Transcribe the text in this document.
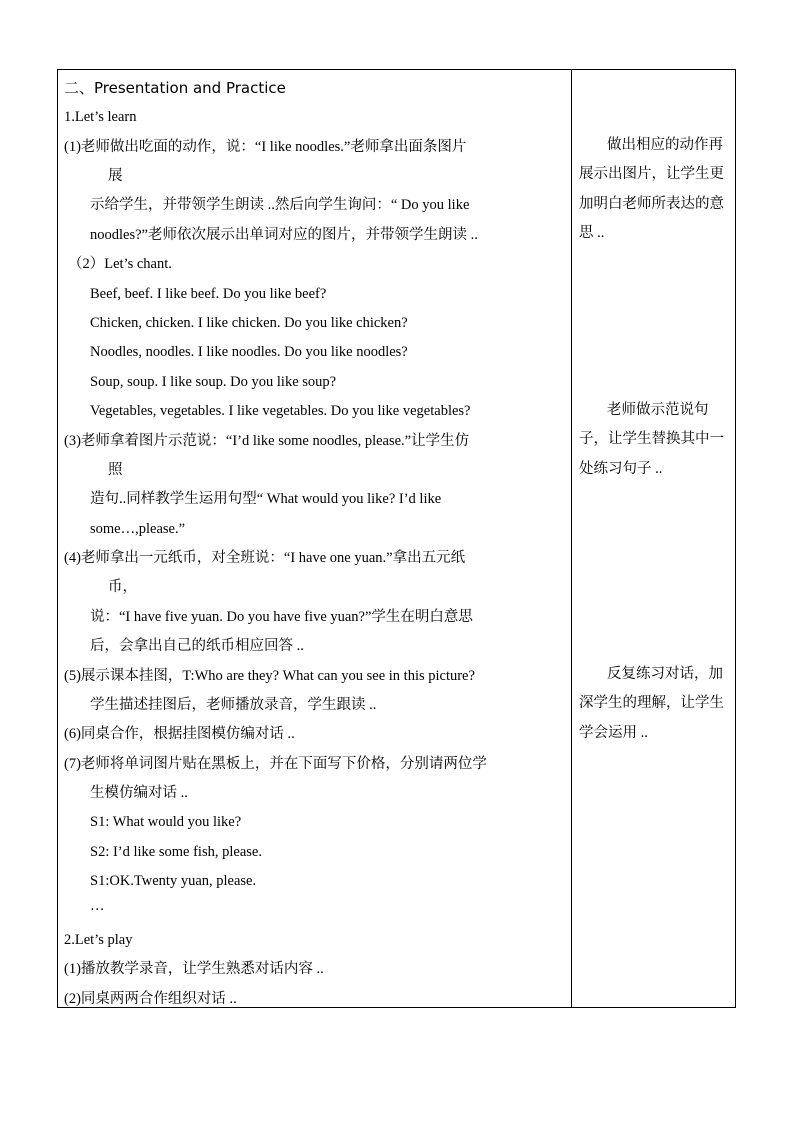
二、Presentation and Practice
1.Let’s learn
(1)老师做出吃面的动作，说：“I like noodles.”老师拿出面条图片
展
示给学生，并带领学生朗读 ..然后向学生询问：“ Do you like
noodles?”老师依次展示出单词对应的图片，并带领学生朗读 ..
（2）Let’s chant.
Beef, beef. I like beef. Do you like beef?
Chicken, chicken. I like chicken. Do you like chicken?
Noodles, noodles. I like noodles. Do you like noodles?
Soup, soup. I like soup. Do you like soup?
Vegetables, vegetables. I like vegetables. Do you like vegetables?
(3)老师拿着图片示范说：“I’d like some noodles, please.”让学生仿
照
造句..同样教学生运用句型“ What would you like? I’d like
some…,please.”
(4)老师拿出一元纸币，对全班说：“I have one yuan.”拿出五元纸
币，
说：“I have five yuan. Do you have five yuan?”学生在明白意思
后，会拿出自己的纸币相应回答 ..
(5)展示课本挂图，T:Who are they? What can you see in this picture?
学生描述挂图后，老师播放录音，学生跟读 ..
(6)同桌合作，根据挂图模仿编对话 ..
(7)老师将单词图片贴在黑板上，并在下面写下价格，分别请两位学
生模仿编对话 ..
S1: What would you like?
S2: I’d like some fish, please.
S1:OK.Twenty yuan, please.
…
2.Let’s play
(1)播放教学录音，让学生熟悉对话内容 ..
(2)同桌两两合作组织对话 ..
做出相应的动作再展示出图片，让学生更加明白老师所表达的意思 ..
老师做示范说句子，让学生替换其中一处练习句子 ..
反复练习对话，加深学生的理解，让学生学会运用 ..
